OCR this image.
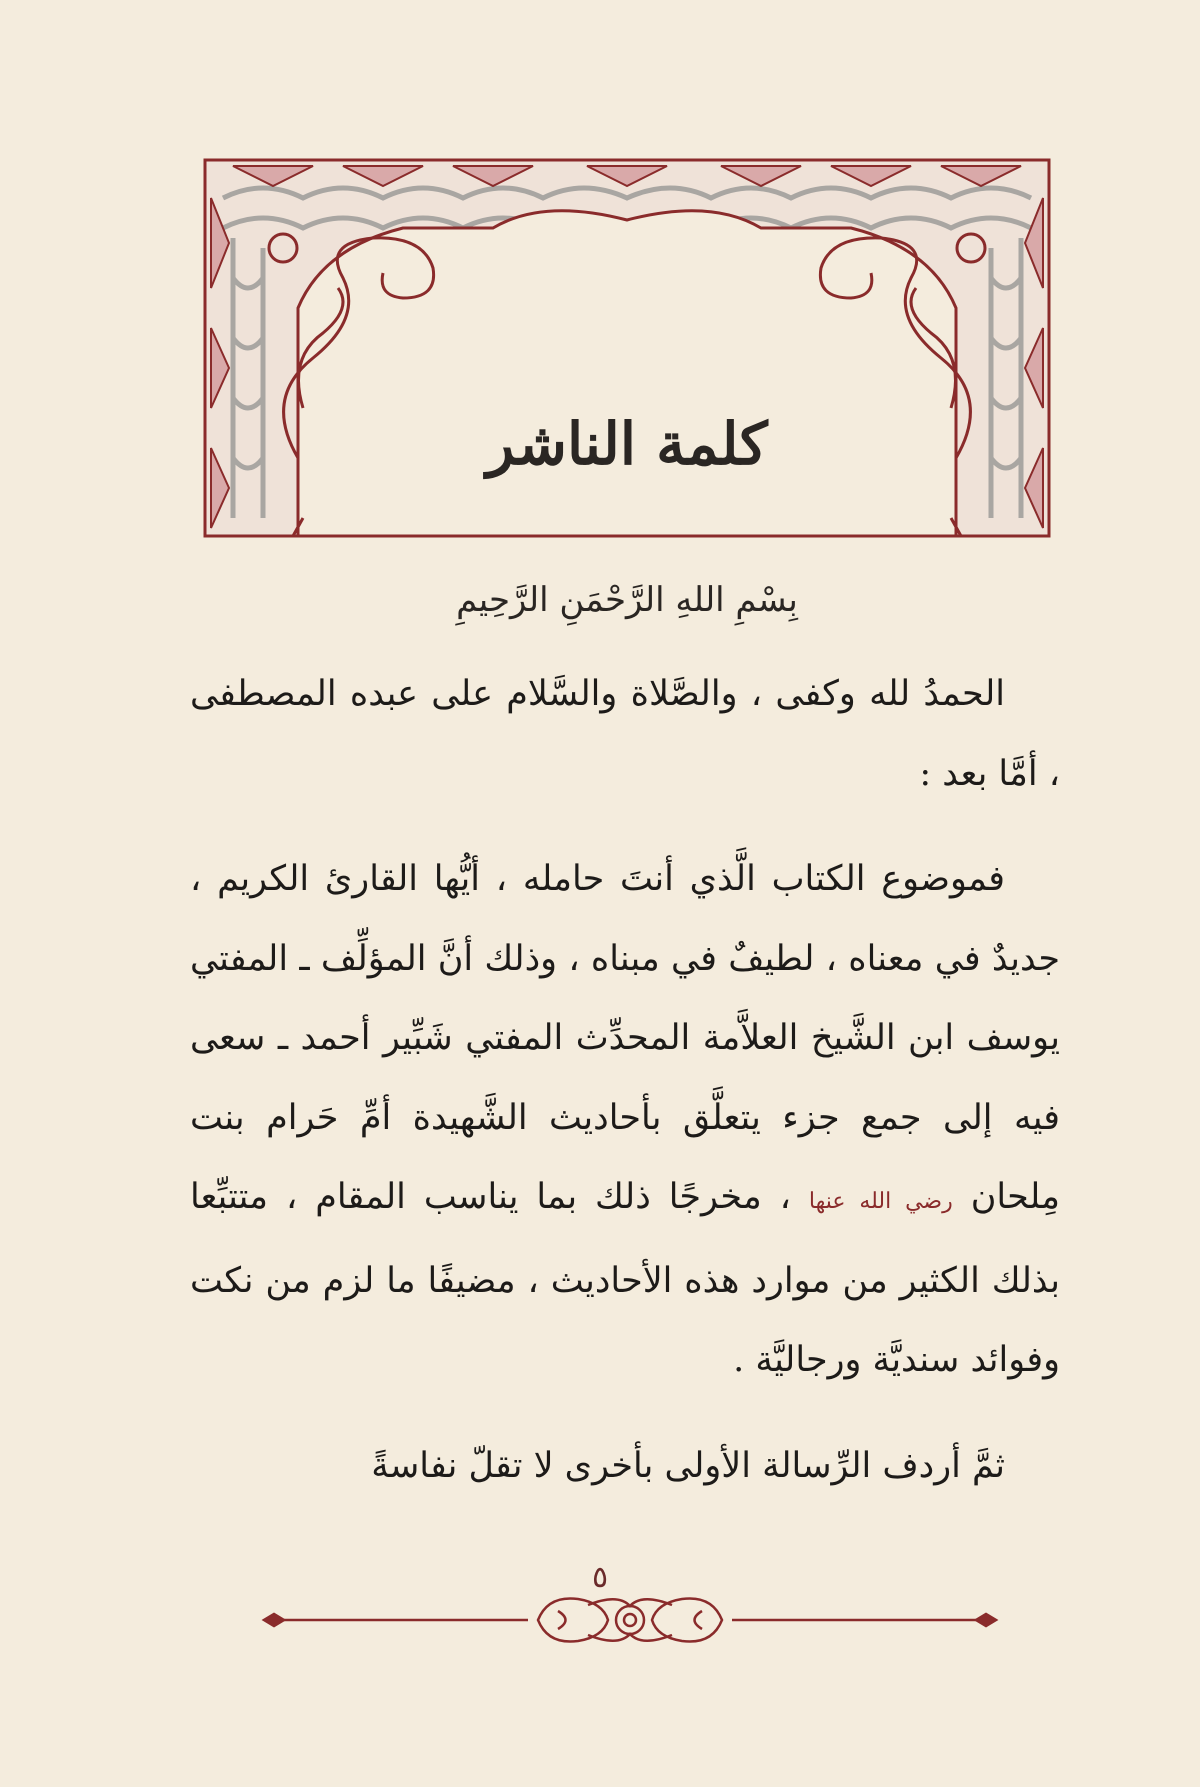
كلمة الناشر
بِسْمِ اللهِ الرَّحْمَنِ الرَّحِيمِ

الحمدُ لله وكفى ، والصَّلاة والسَّلام على عبده المصطفى ، أمَّا بعد :

فموضوع الكتاب الَّذي أنتَ حامله ، أيُّها القارئ الكريم ، جديدٌ في معناه ، لطيفٌ في مبناه ، وذلك أنَّ المؤلِّف ـ المفتي يوسف ابن الشَّيخ العلاَّمة المحدِّث المفتي شَبِّير أحمد ـ سعى فيه إلى جمع جزء يتعلَّق بأحاديث الشَّهيدة أمِّ حَرام بنت مِلحان رضي الله عنها ، مخرجًا ذلك بما يناسب المقام ، متتبِّعا بذلك الكثير من موارد هذه الأحاديث ، مضيفًا ما لزم من نكت وفوائد سنديَّة ورجاليَّة .

ثمَّ أردف الرِّسالة الأولى بأخرى لا تقلّ نفاسةً

٥
